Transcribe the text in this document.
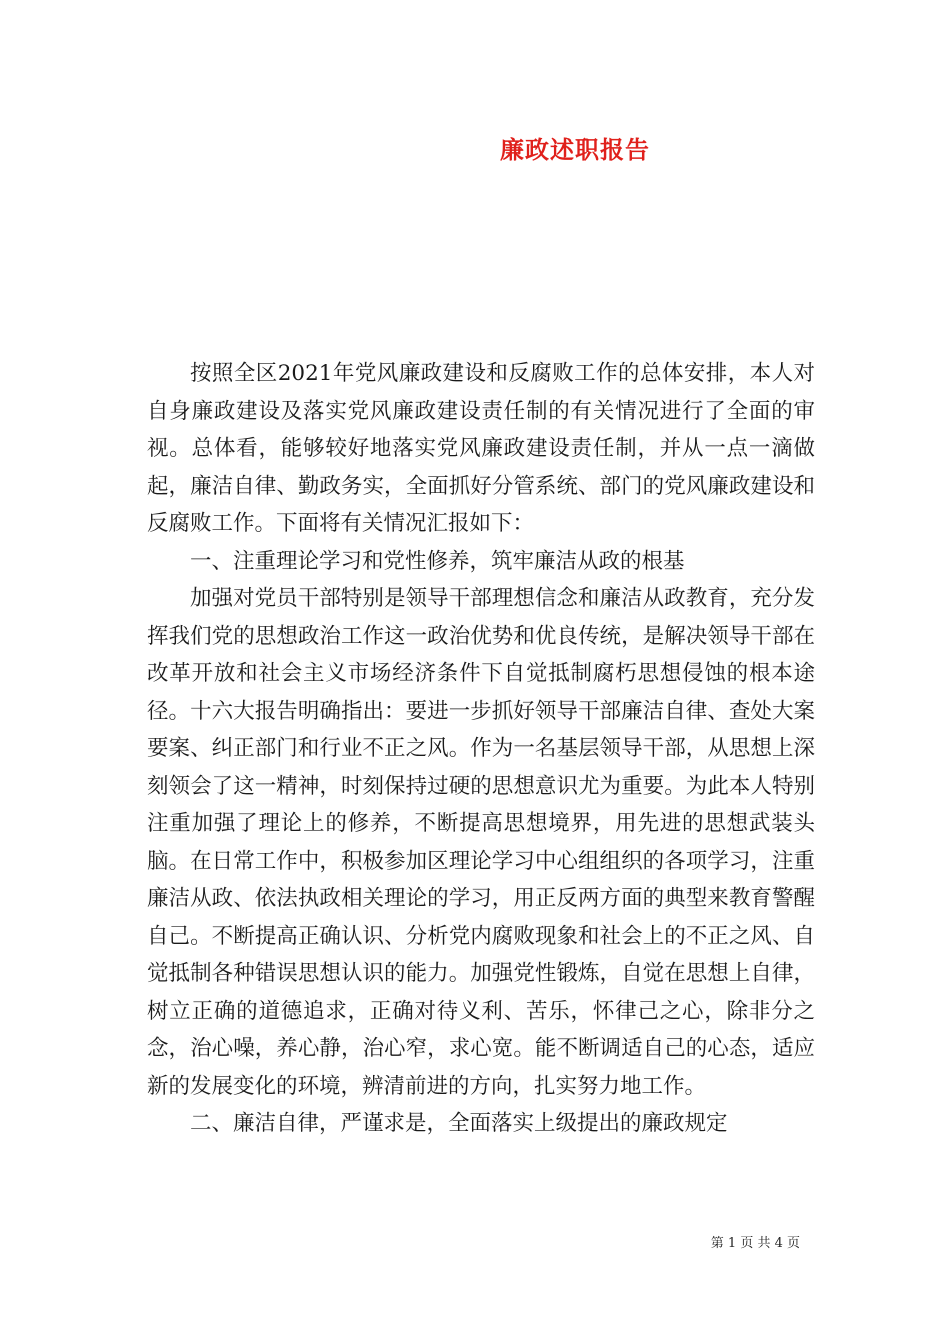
廉政述职报告

按照全区2021年党风廉政建设和反腐败工作的总体安排，本人对自身廉政建设及落实党风廉政建设责任制的有关情况进行了全面的审视。总体看，能够较好地落实党风廉政建设责任制，并从一点一滴做起，廉洁自律、勤政务实，全面抓好分管系统、部门的党风廉政建设和反腐败工作。下面将有关情况汇报如下：

一、注重理论学习和党性修养，筑牢廉洁从政的根基

加强对党员干部特别是领导干部理想信念和廉洁从政教育，充分发挥我们党的思想政治工作这一政治优势和优良传统，是解决领导干部在改革开放和社会主义市场经济条件下自觉抵制腐朽思想侵蚀的根本途径。十六大报告明确指出：要进一步抓好领导干部廉洁自律、查处大案要案、纠正部门和行业不正之风。作为一名基层领导干部，从思想上深刻领会了这一精神，时刻保持过硬的思想意识尤为重要。为此本人特别注重加强了理论上的修养，不断提高思想境界，用先进的思想武装头脑。在日常工作中，积极参加区理论学习中心组组织的各项学习，注重廉洁从政、依法执政相关理论的学习，用正反两方面的典型来教育警醒自己。不断提高正确认识、分析党内腐败现象和社会上的不正之风、自觉抵制各种错误思想认识的能力。加强党性锻炼，自觉在思想上自律，树立正确的道德追求，正确对待义利、苦乐，怀律己之心，除非分之念，治心噪，养心静，治心窄，求心宽。能不断调适自己的心态，适应新的发展变化的环境，辨清前进的方向，扎实努力地工作。

二、廉洁自律，严谨求是，全面落实上级提出的廉政规定

第 1 页 共 4 页
